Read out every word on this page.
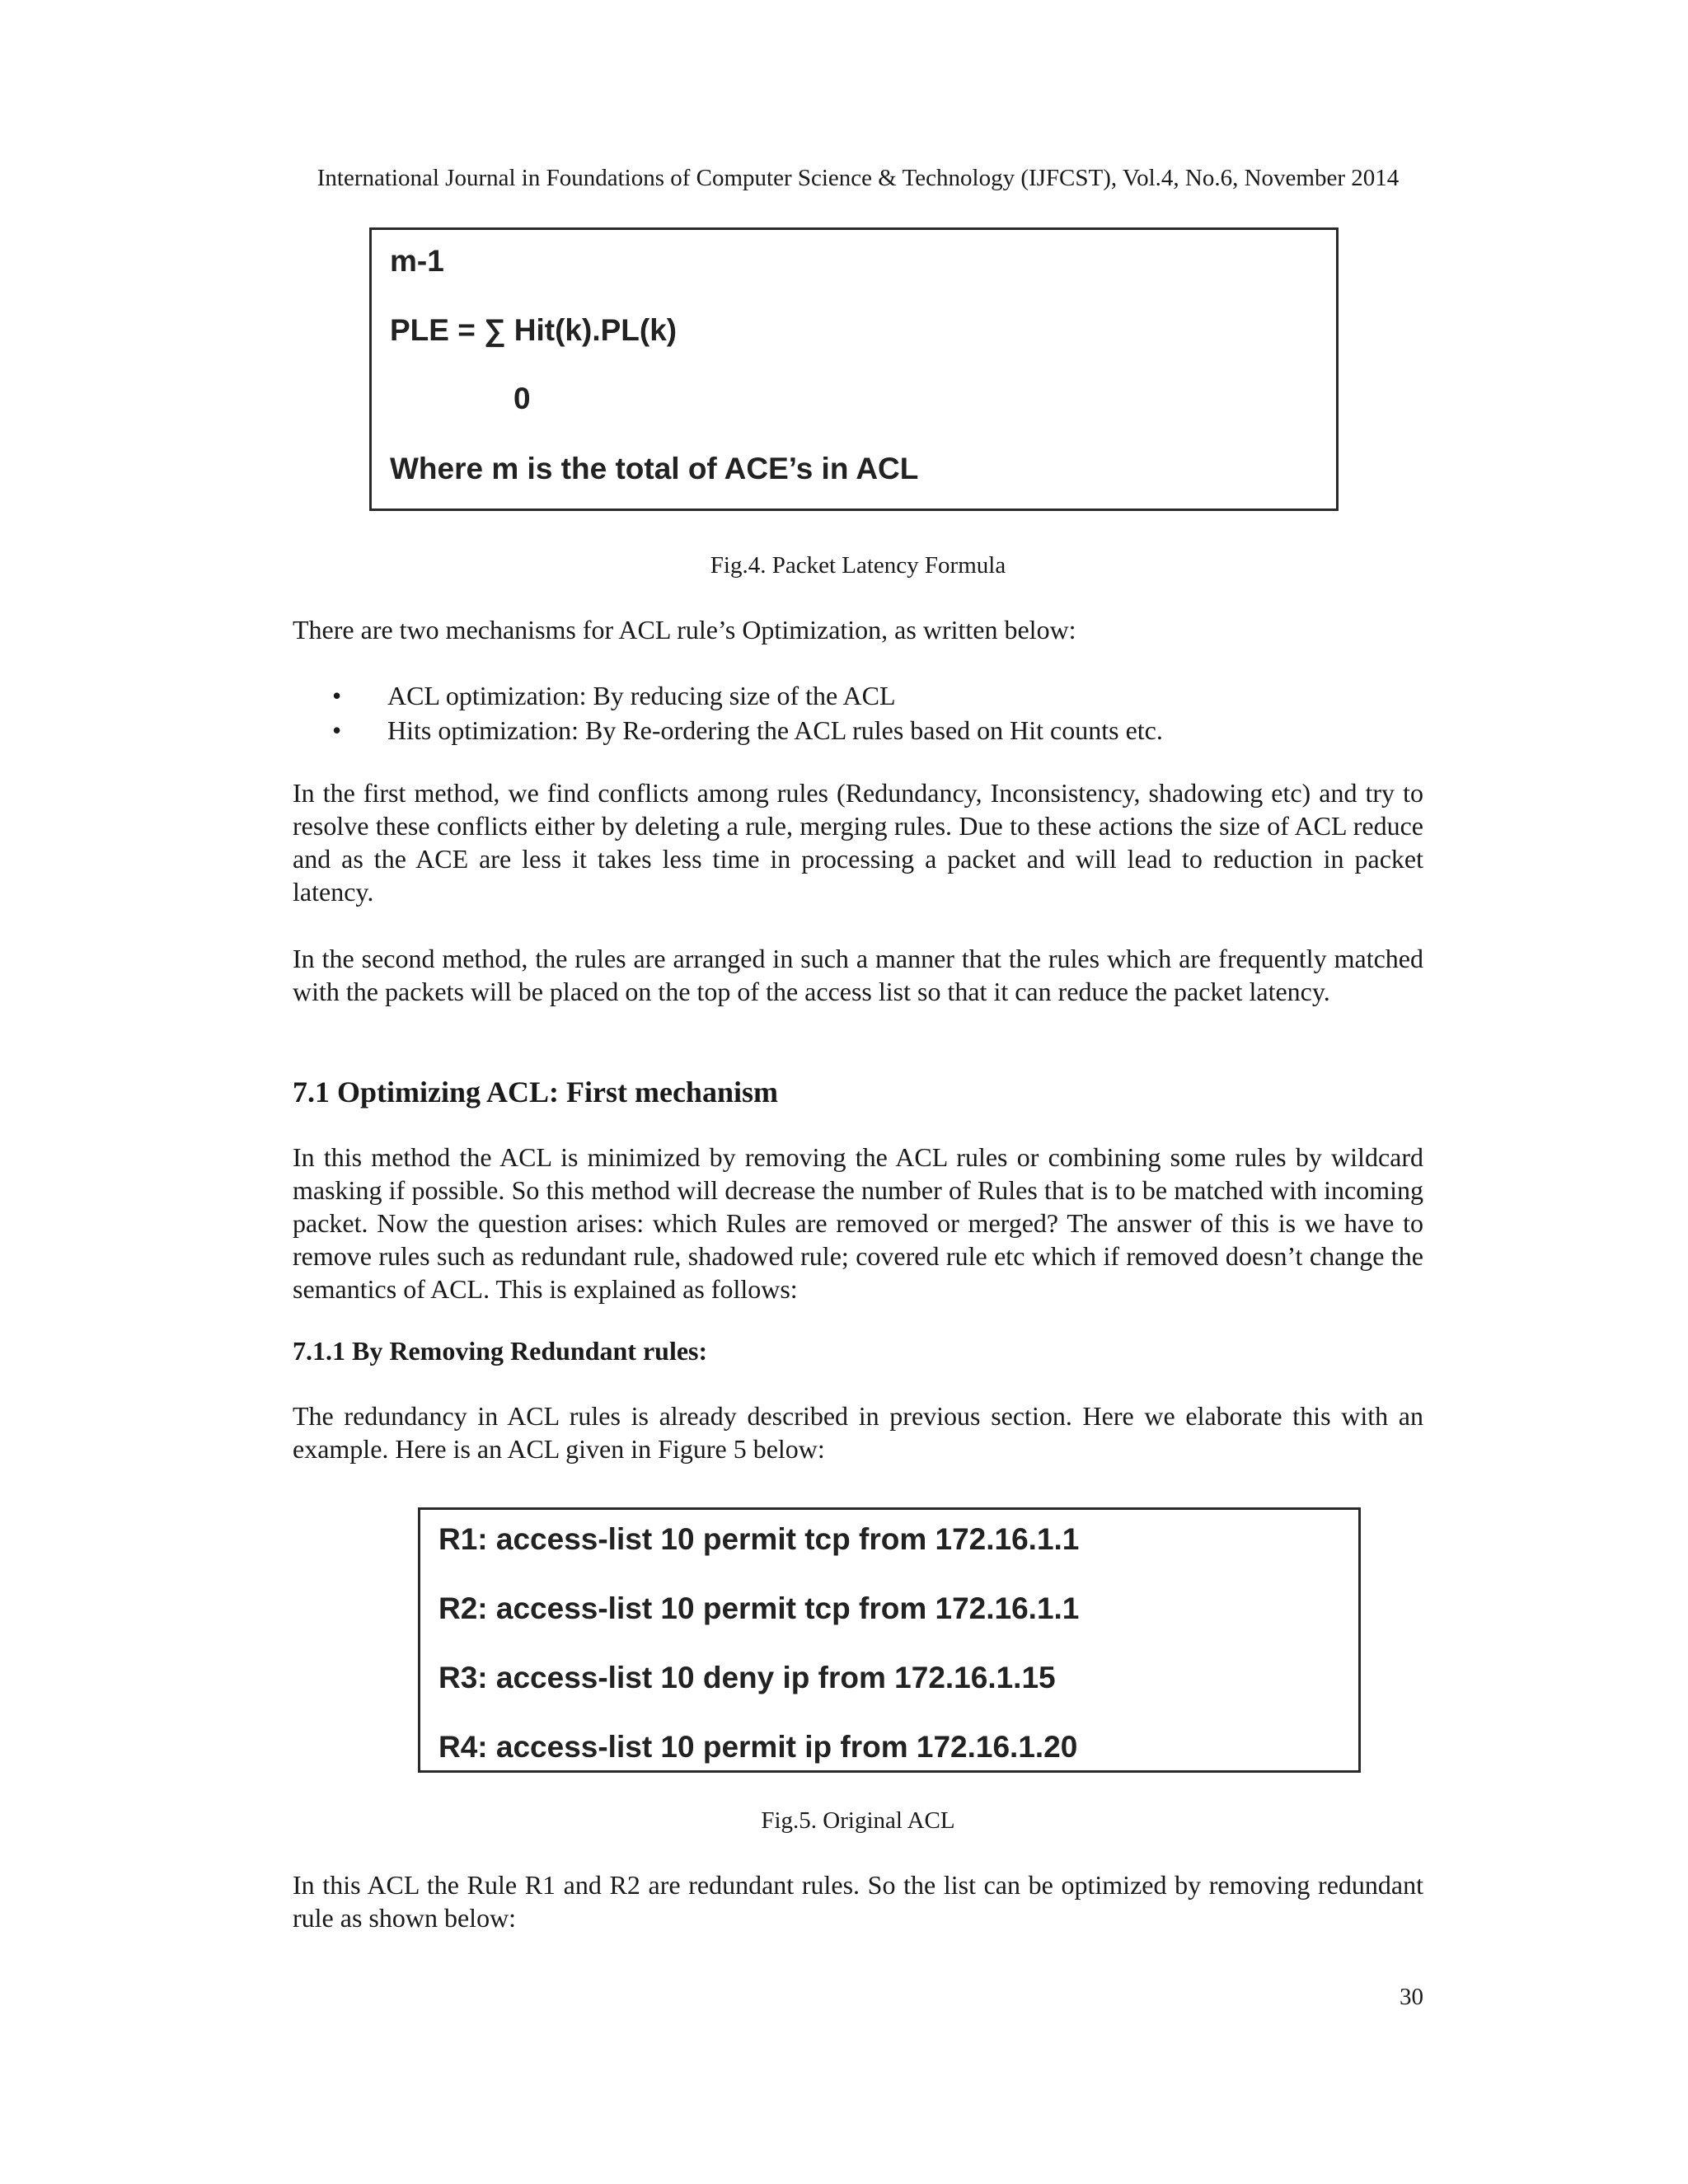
International Journal in Foundations of Computer Science & Technology (IJFCST), Vol.4, No.6, November 2014
m-1
PLE = ∑ Hit(k).PL(k)
0
Where m is the total of ACE’s in ACL
Fig.4. Packet Latency Formula

There are two mechanisms for ACL rule’s Optimization, as written below:

• ACL optimization: By reducing size of the ACL
• Hits optimization: By Re-ordering the ACL rules based on Hit counts etc.

In the first method, we find conflicts among rules (Redundancy, Inconsistency, shadowing etc) and try to resolve these conflicts either by deleting a rule, merging rules. Due to these actions the size of ACL reduce and as the ACE are less it takes less time in processing a packet and will lead to reduction in packet latency.

In the second method, the rules are arranged in such a manner that the rules which are frequently matched with the packets will be placed on the top of the access list so that it can reduce the packet latency.

7.1 Optimizing ACL: First mechanism

In this method the ACL is minimized by removing the ACL rules or combining some rules by wildcard masking if possible. So this method will decrease the number of Rules that is to be matched with incoming packet. Now the question arises: which Rules are removed or merged? The answer of this is we have to remove rules such as redundant rule, shadowed rule; covered rule etc which if removed doesn’t change the semantics of ACL. This is explained as follows:

7.1.1 By Removing Redundant rules:

The redundancy in ACL rules is already described in previous section. Here we elaborate this with an example. Here is an ACL given in Figure 5 below:

R1: access-list 10 permit tcp from 172.16.1.1
R2: access-list 10 permit tcp from 172.16.1.1
R3: access-list 10 deny ip from 172.16.1.15
R4: access-list 10 permit ip from 172.16.1.20
Fig.5. Original ACL

In this ACL the Rule R1 and R2 are redundant rules. So the list can be optimized by removing redundant rule as shown below:

30
